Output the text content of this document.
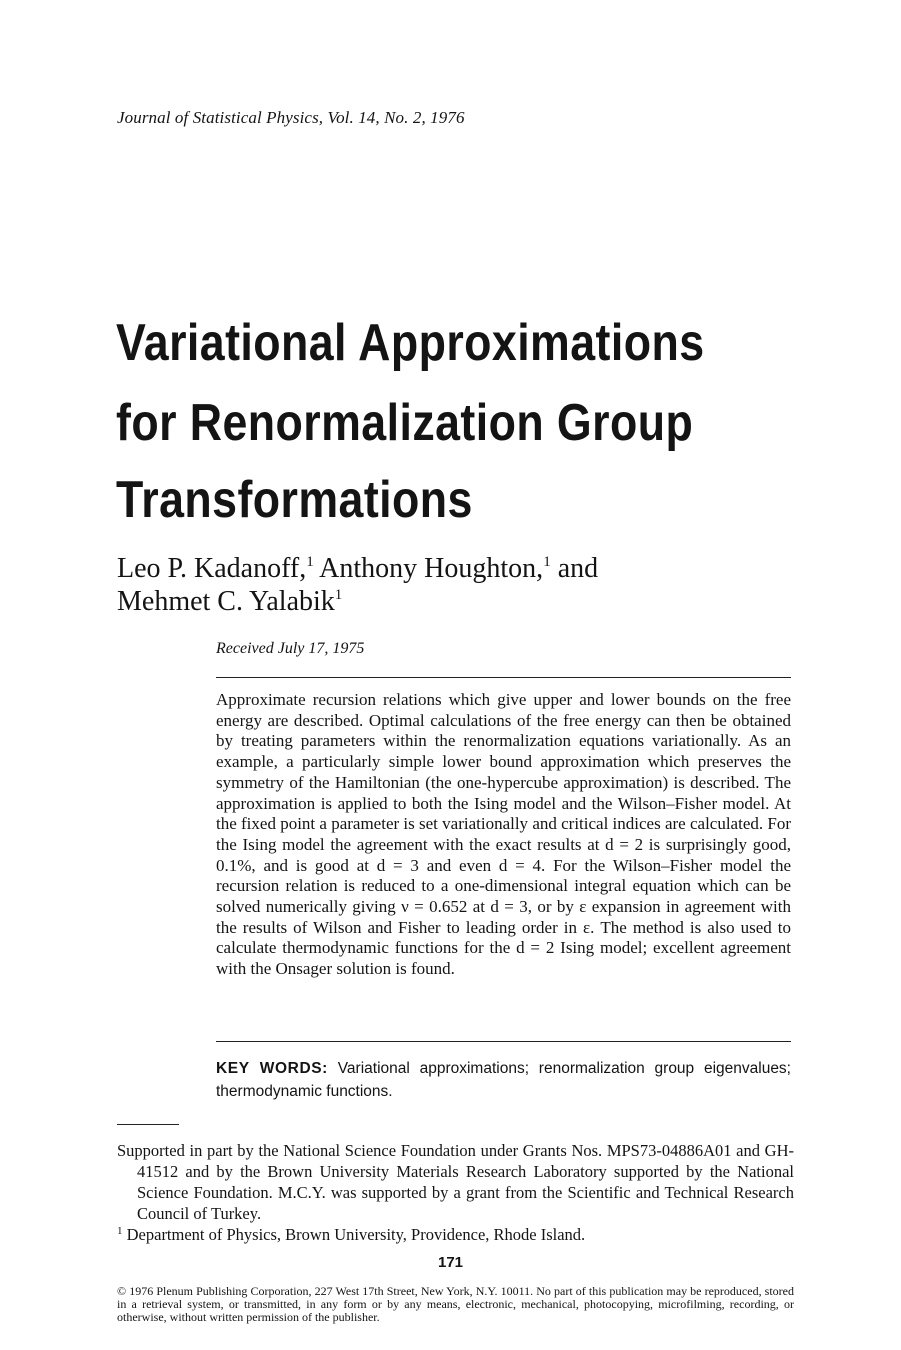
Journal of Statistical Physics, Vol. 14, No. 2, 1976
Variational Approximations
for Renormalization Group
Transformations
Leo P. Kadanoff,$^1$ Anthony Houghton,$^1$ and
Mehmet C. Yalabik$^1$
Received July 17, 1975

Approximate recursion relations which give upper and lower bounds on the free energy are described. Optimal calculations of the free energy can then be obtained by treating parameters within the renormalization equations variationally. As an example, a particularly simple lower bound approximation which preserves the symmetry of the Hamiltonian (the one-hypercube approximation) is described. The approximation is applied to both the Ising model and the Wilson–Fisher model. At the fixed point a parameter is set variationally and critical indices are calculated. For the Ising model the agreement with the exact results at d = 2 is surprisingly good, 0.1%, and is good at d = 3 and even d = 4. For the Wilson–Fisher model the recursion relation is reduced to a one-dimensional integral equation which can be solved numerically giving ν = 0.652 at d = 3, or by ε expansion in agreement with the results of Wilson and Fisher to leading order in ε. The method is also used to calculate thermodynamic functions for the d = 2 Ising model; excellent agreement with the Onsager solution is found.

KEY WORDS: Variational approximations; renormalization group eigenvalues; thermodynamic functions.

Supported in part by the National Science Foundation under Grants Nos. MPS73-04886A01 and GH-41512 and by the Brown University Materials Research Laboratory supported by the National Science Foundation. M.C.Y. was supported by a grant from the Scientific and Technical Research Council of Turkey.

$^1$ Department of Physics, Brown University, Providence, Rhode Island.

171

© 1976 Plenum Publishing Corporation, 227 West 17th Street, New York, N.Y. 10011. No part of this publication may be reproduced, stored in a retrieval system, or transmitted, in any form or by any means, electronic, mechanical, photocopying, microfilming, recording, or otherwise, without written permission of the publisher.
